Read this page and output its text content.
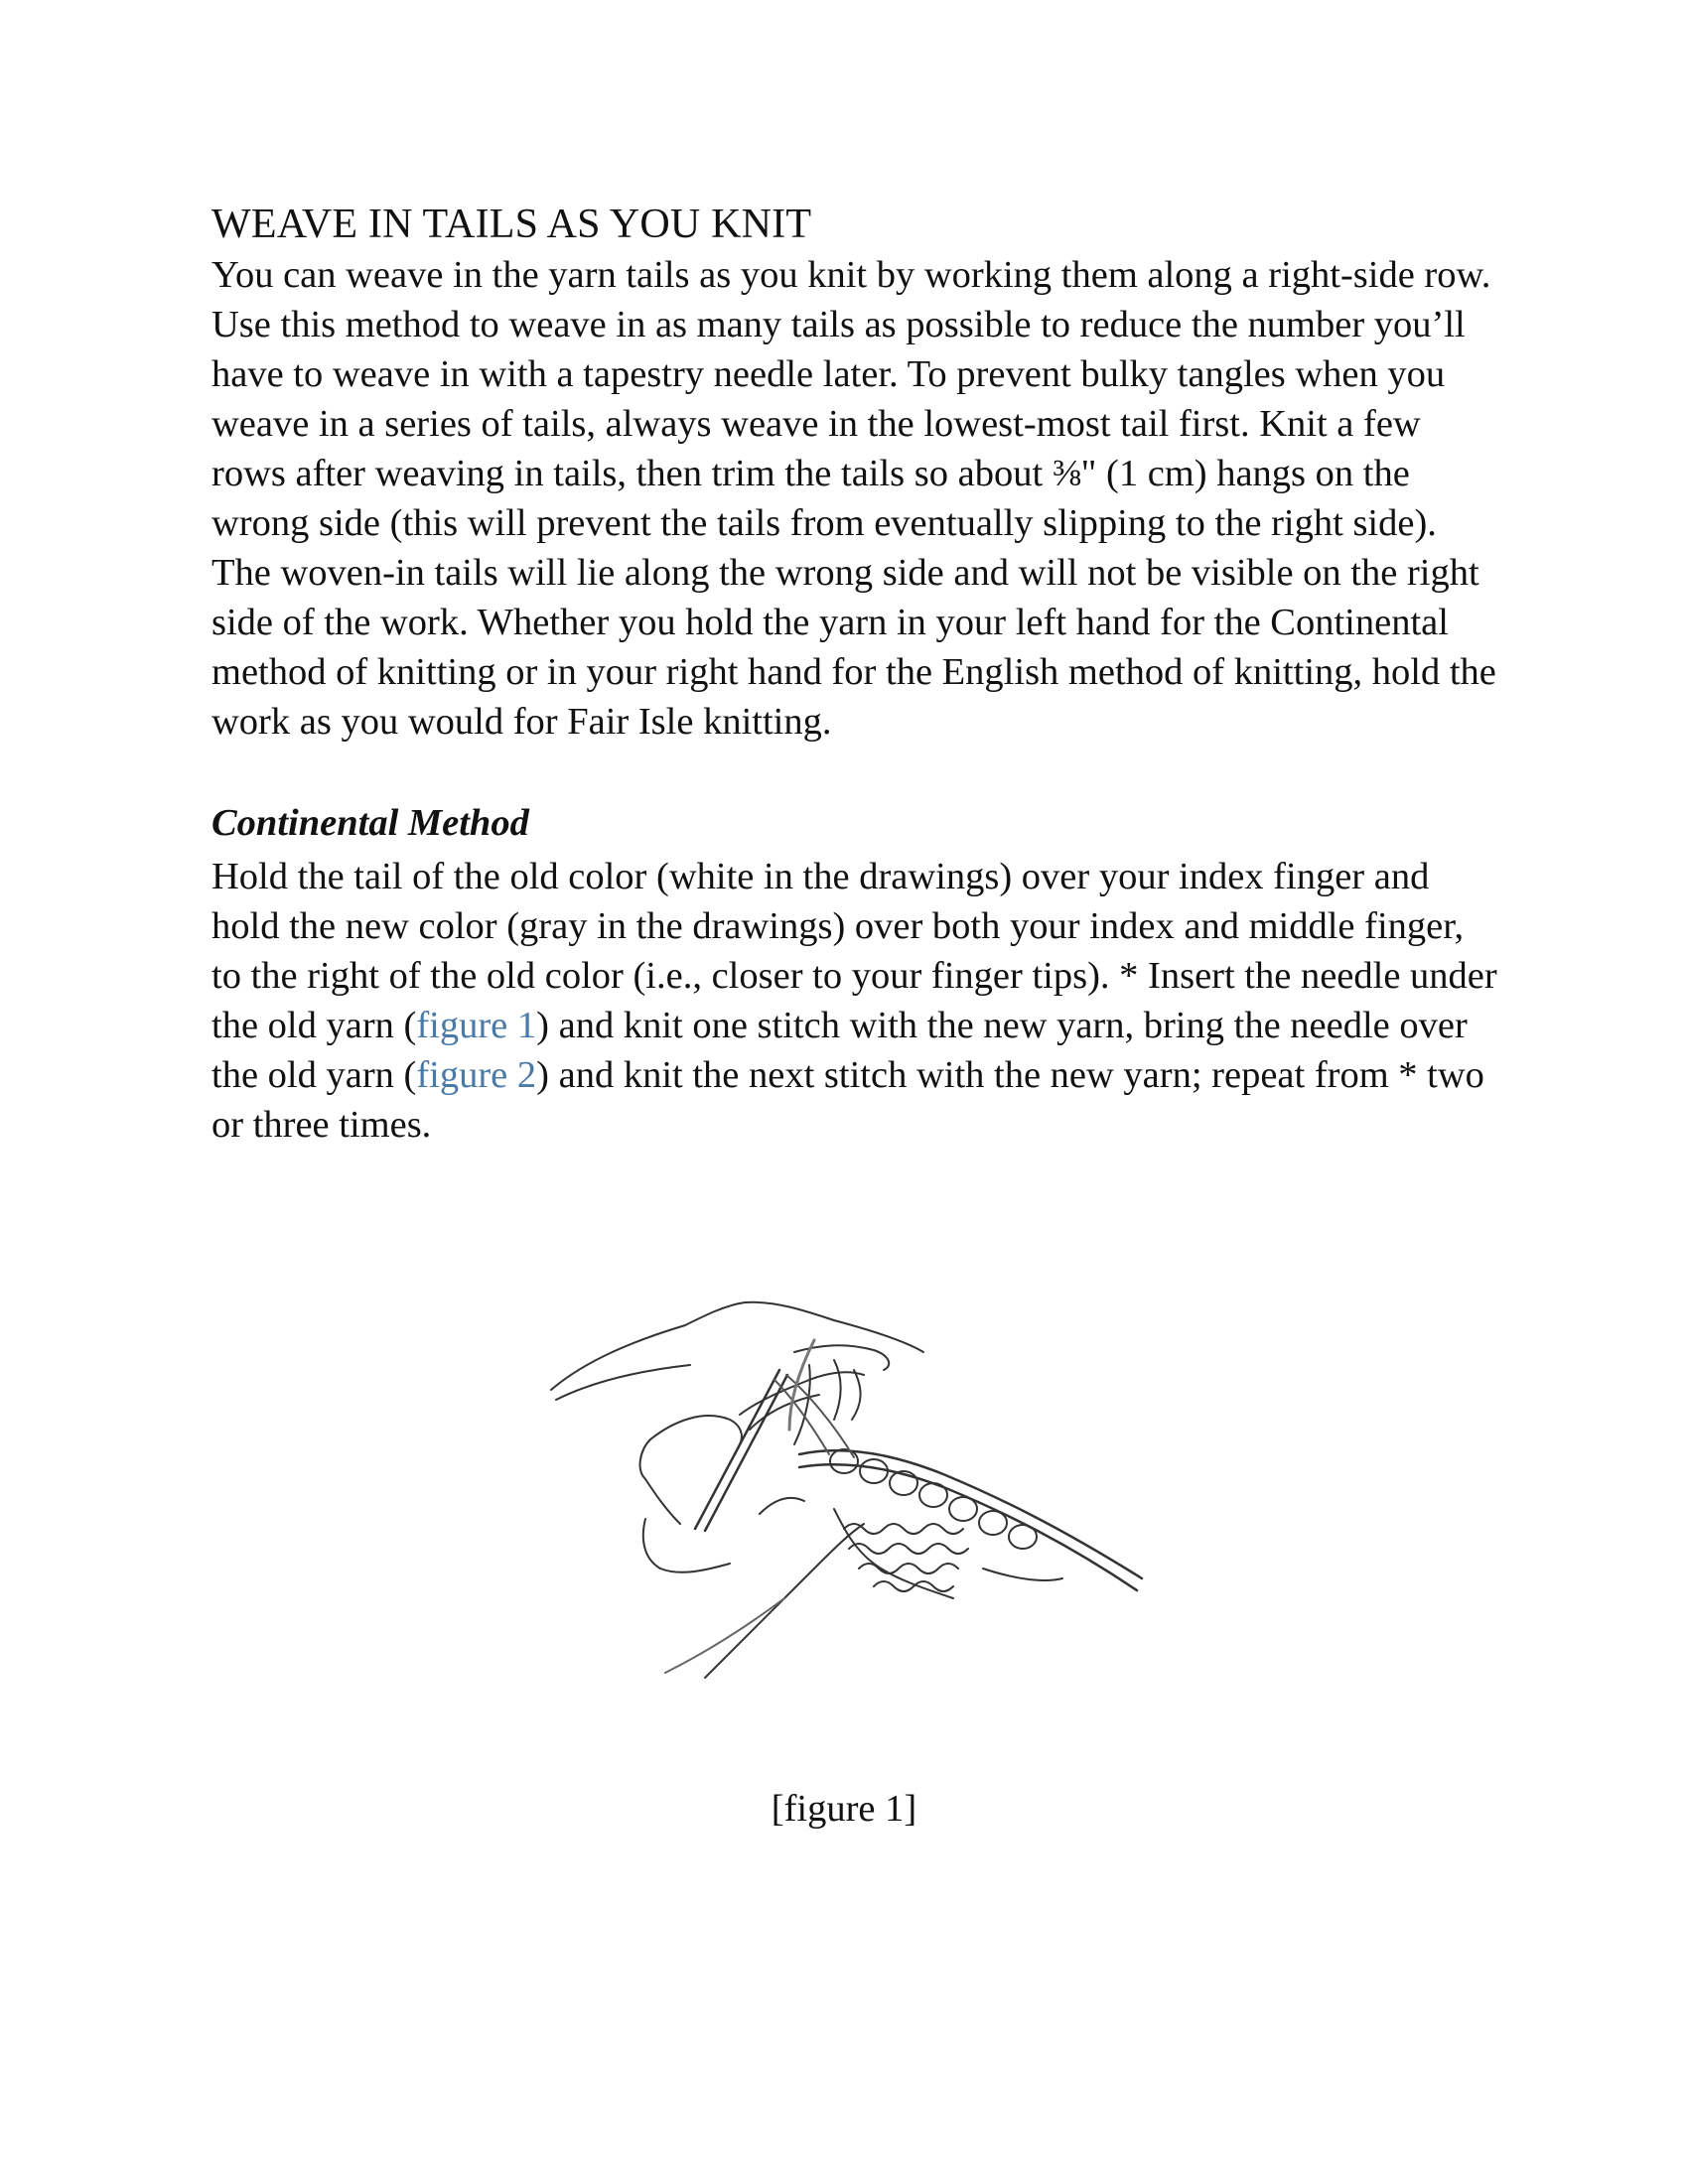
WEAVE IN TAILS AS YOU KNIT

You can weave in the yarn tails as you knit by working them along a right-side row. Use this method to weave in as many tails as possible to reduce the number you’ll have to weave in with a tapestry needle later. To prevent bulky tangles when you weave in a series of tails, always weave in the lowest-most tail first. Knit a few rows after weaving in tails, then trim the tails so about ⅜" (1 cm) hangs on the wrong side (this will prevent the tails from eventually slipping to the right side). The woven-in tails will lie along the wrong side and will not be visible on the right side of the work. Whether you hold the yarn in your left hand for the Continental method of knitting or in your right hand for the English method of knitting, hold the work as you would for Fair Isle knitting.

Continental Method

Hold the tail of the old color (white in the drawings) over your index finger and hold the new color (gray in the drawings) over both your index and middle finger, to the right of the old color (i.e., closer to your finger tips). * Insert the needle under the old yarn (figure 1) and knit one stitch with the new yarn, bring the needle over the old yarn (figure 2) and knit the next stitch with the new yarn; repeat from * two or three times.

[figure 1]
